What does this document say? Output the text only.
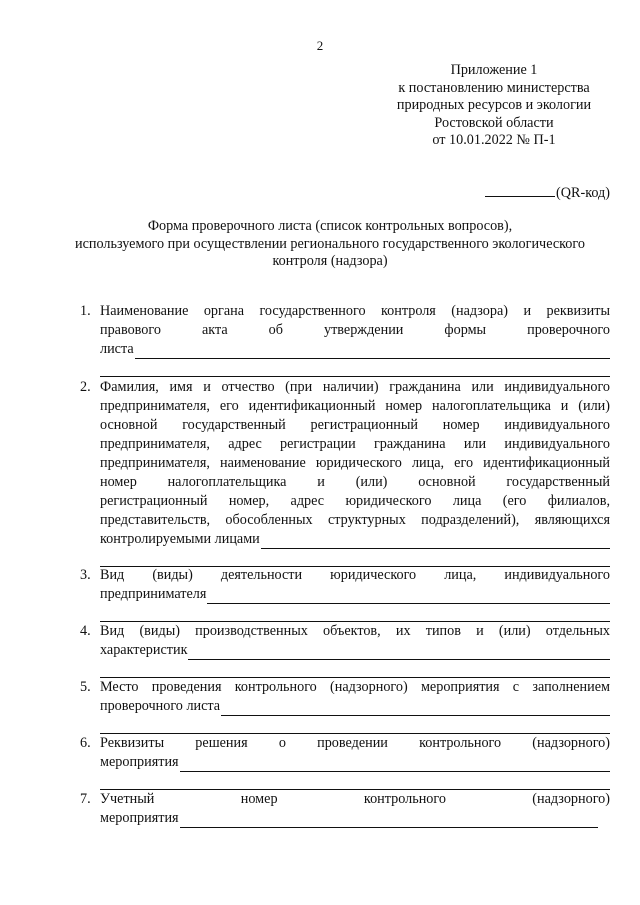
2
Приложение 1
к постановлению министерства
природных ресурсов и экологии
Ростовской области
от 10.01.2022 № П-1
(QR-код)
Форма проверочного листа (список контрольных вопросов),
используемого при осуществлении регионального государственного экологического
контроля (надзора)
1. Наименование органа государственного контроля (надзора) и реквизиты
правового акта об утверждении формы проверочного
листа
2. Фамилия, имя и отчество (при наличии) гражданина или индивидуального
предпринимателя, его идентификационный номер налогоплательщика и (или)
основной государственный регистрационный номер индивидуального
предпринимателя, адрес регистрации гражданина или индивидуального
предпринимателя, наименование юридического лица, его идентификационный
номер налогоплательщика и (или) основной государственный
регистрационный номер, адрес юридического лица (его филиалов,
представительств, обособленных структурных подразделений), являющихся
контролируемыми лицами
3. Вид (виды) деятельности юридического лица, индивидуального
предпринимателя
4. Вид (виды) производственных объектов, их типов и (или) отдельных
характеристик
5. Место проведения контрольного (надзорного) мероприятия с заполнением
проверочного листа
6. Реквизиты решения о проведении контрольного (надзорного)
мероприятия
7. Учетный номер контрольного (надзорного)
мероприятия
